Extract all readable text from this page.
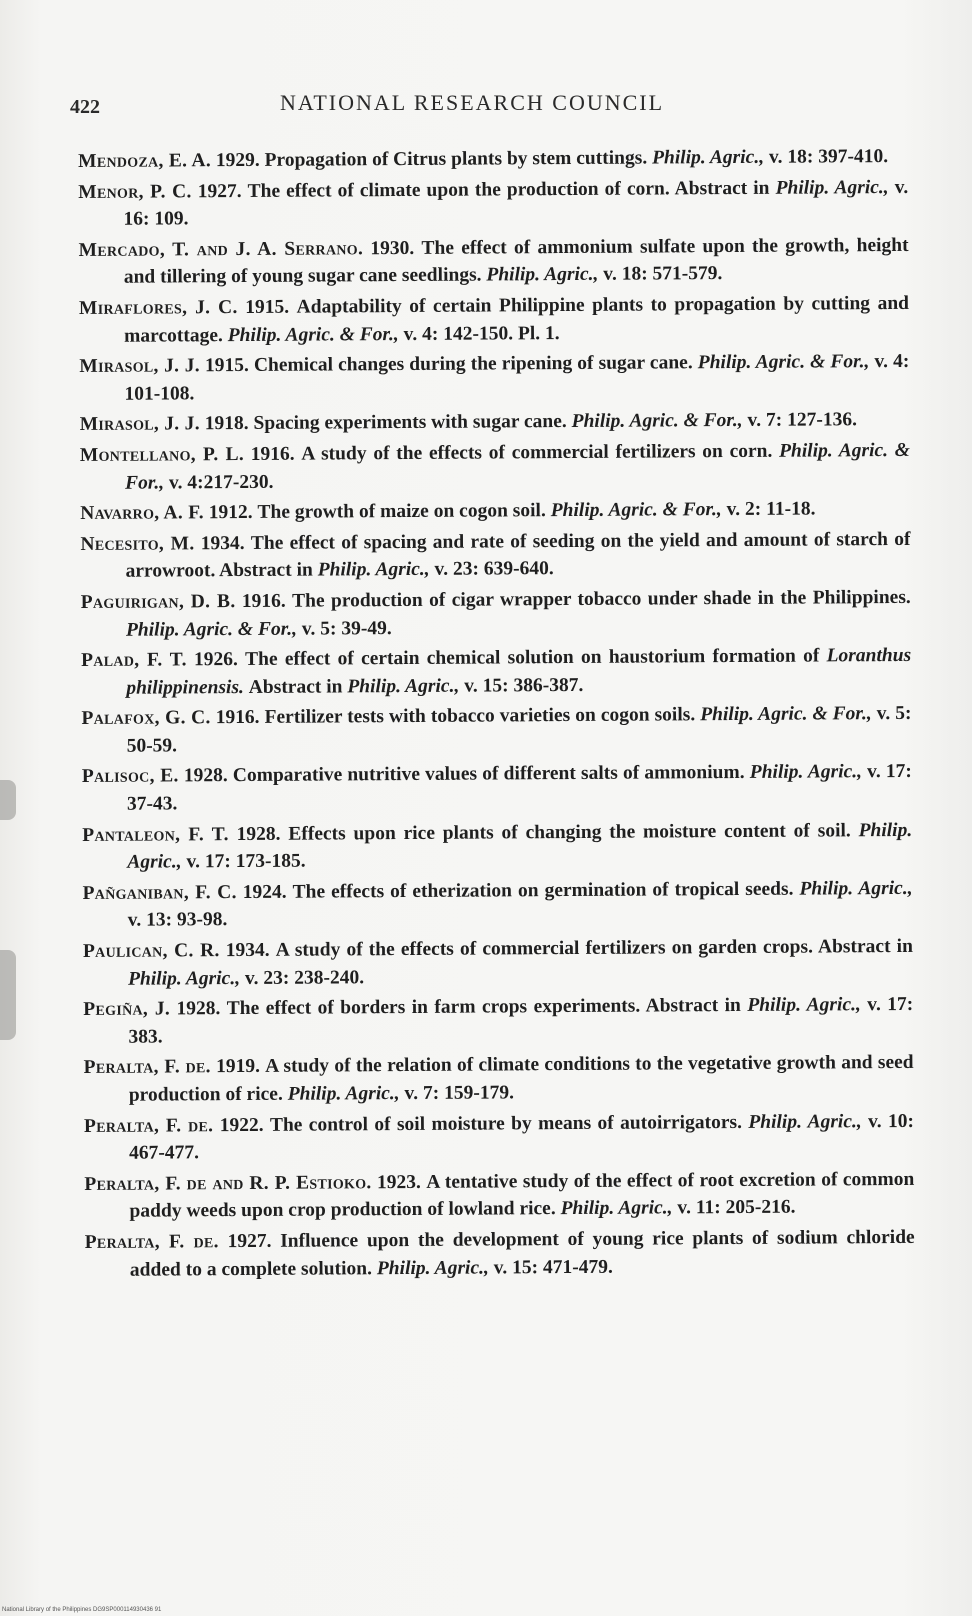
422	NATIONAL RESEARCH COUNCIL

Mendoza, E. A. 1929. Propagation of Citrus plants by stem cuttings. Philip. Agric., v. 18: 397-410.

Menor, P. C. 1927. The effect of climate upon the production of corn. Abstract in Philip. Agric., v. 16: 109.

Mercado, T. and J. A. Serrano. 1930. The effect of ammonium sulfate upon the growth, height and tillering of young sugar cane seedlings. Philip. Agric., v. 18: 571-579.

Miraflores, J. C. 1915. Adaptability of certain Philippine plants to propagation by cutting and marcottage. Philip. Agric. & For., v. 4: 142-150. Pl. 1.

Mirasol, J. J. 1915. Chemical changes during the ripening of sugar cane. Philip. Agric. & For., v. 4: 101-108.

Mirasol, J. J. 1918. Spacing experiments with sugar cane. Philip. Agric. & For., v. 7: 127-136.

Montellano, P. L. 1916. A study of the effects of commercial fertilizers on corn. Philip. Agric. & For., v. 4:217-230.

Navarro, A. F. 1912. The growth of maize on cogon soil. Philip. Agric. & For., v. 2: 11-18.

Necesito, M. 1934. The effect of spacing and rate of seeding on the yield and amount of starch of arrowroot. Abstract in Philip. Agric., v. 23: 639-640.

Paguirigan, D. B. 1916. The production of cigar wrapper tobacco under shade in the Philippines. Philip. Agric. & For., v. 5: 39-49.

Palad, F. T. 1926. The effect of certain chemical solution on haustorium formation of Loranthus philippinensis. Abstract in Philip. Agric., v. 15: 386-387.

Palafox, G. C. 1916. Fertilizer tests with tobacco varieties on cogon soils. Philip. Agric. & For., v. 5: 50-59.

Palisoc, E. 1928. Comparative nutritive values of different salts of ammonium. Philip. Agric., v. 17: 37-43.

Pantaleon, F. T. 1928. Effects upon rice plants of changing the moisture content of soil. Philip. Agric., v. 17: 173-185.

Pañganiban, F. C. 1924. The effects of etherization on germination of tropical seeds. Philip. Agric., v. 13: 93-98.

Paulican, C. R. 1934. A study of the effects of commercial fertilizers on garden crops. Abstract in Philip. Agric., v. 23: 238-240.

Pegiña, J. 1928. The effect of borders in farm crops experiments. Abstract in Philip. Agric., v. 17: 383.

Peralta, F. de. 1919. A study of the relation of climate conditions to the vegetative growth and seed production of rice. Philip. Agric., v. 7: 159-179.

Peralta, F. de. 1922. The control of soil moisture by means of autoirrigators. Philip. Agric., v. 10: 467-477.

Peralta, F. de and R. P. Estioko. 1923. A tentative study of the effect of root excretion of common paddy weeds upon crop production of lowland rice. Philip. Agric., v. 11: 205-216.

Peralta, F. de. 1927. Influence upon the development of young rice plants of sodium chloride added to a complete solution. Philip. Agric., v. 15: 471-479.

National Library of the Philippines DG9SP000114930436 91
